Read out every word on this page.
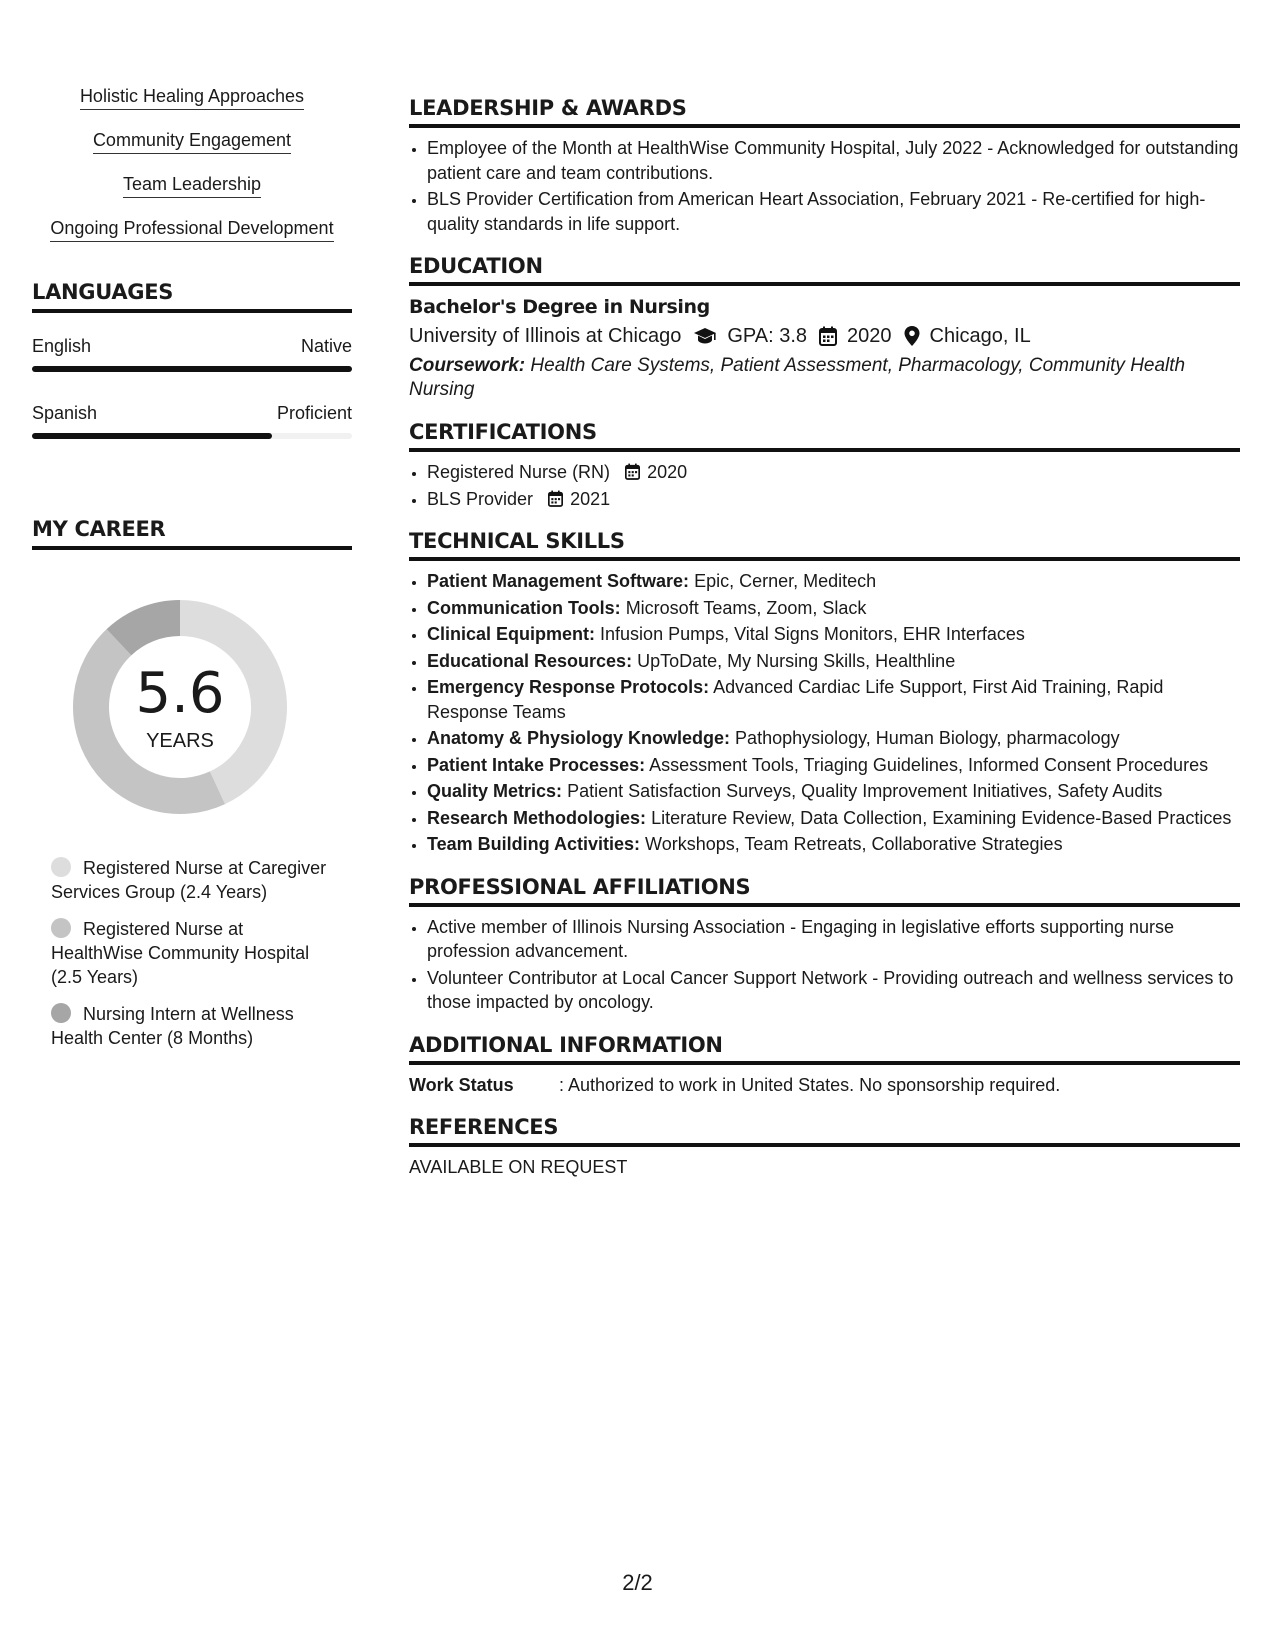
Holistic Healing Approaches
Community Engagement
Team Leadership
Ongoing Professional Development
LANGUAGES
English	Native
Spanish	Proficient
MY CAREER
5.6
YEARS
Registered Nurse at Caregiver Services Group (2.4 Years)
Registered Nurse at HealthWise Community Hospital (2.5 Years)
Nursing Intern at Wellness Health Center (8 Months)
LEADERSHIP & AWARDS
• Employee of the Month at HealthWise Community Hospital, July 2022 - Acknowledged for outstanding patient care and team contributions.
• BLS Provider Certification from American Heart Association, February 2021 - Re-certified for high-quality standards in life support.
EDUCATION
Bachelor's Degree in Nursing
University of Illinois at Chicago GPA: 3.8 2020 Chicago, IL
Coursework: Health Care Systems, Patient Assessment, Pharmacology, Community Health Nursing
CERTIFICATIONS
• Registered Nurse (RN) 2020
• BLS Provider 2021
TECHNICAL SKILLS
• Patient Management Software: Epic, Cerner, Meditech
• Communication Tools: Microsoft Teams, Zoom, Slack
• Clinical Equipment: Infusion Pumps, Vital Signs Monitors, EHR Interfaces
• Educational Resources: UpToDate, My Nursing Skills, Healthline
• Emergency Response Protocols: Advanced Cardiac Life Support, First Aid Training, Rapid Response Teams
• Anatomy & Physiology Knowledge: Pathophysiology, Human Biology, pharmacology
• Patient Intake Processes: Assessment Tools, Triaging Guidelines, Informed Consent Procedures
• Quality Metrics: Patient Satisfaction Surveys, Quality Improvement Initiatives, Safety Audits
• Research Methodologies: Literature Review, Data Collection, Examining Evidence-Based Practices
• Team Building Activities: Workshops, Team Retreats, Collaborative Strategies
PROFESSIONAL AFFILIATIONS
• Active member of Illinois Nursing Association - Engaging in legislative efforts supporting nurse profession advancement.
• Volunteer Contributor at Local Cancer Support Network - Providing outreach and wellness services to those impacted by oncology.
ADDITIONAL INFORMATION
Work Status	: Authorized to work in United States. No sponsorship required.
REFERENCES
AVAILABLE ON REQUEST
2/2
